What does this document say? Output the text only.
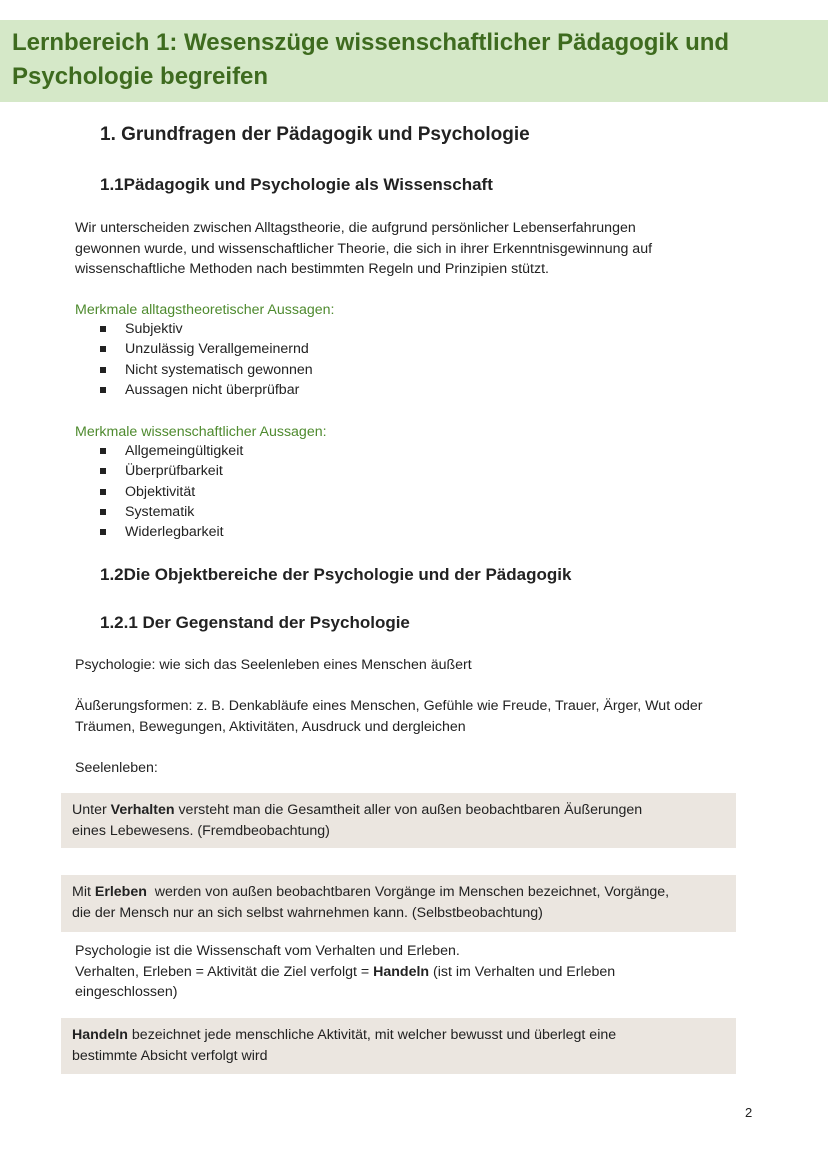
Lernbereich 1: Wesenszüge wissenschaftlicher Pädagogik und
Psychologie begreifen
1. Grundfragen der Pädagogik und Psychologie
1.1Pädagogik und Psychologie als Wissenschaft
Wir unterscheiden zwischen Alltagstheorie, die aufgrund persönlicher Lebenserfahrungen
gewonnen wurde, und wissenschaftlicher Theorie, die sich in ihrer Erkenntnisgewinnung auf
wissenschaftliche Methoden nach bestimmten Regeln und Prinzipien stützt.
Merkmale alltagstheoretischer Aussagen:
Subjektiv
Unzulässig Verallgemeinernd
Nicht systematisch gewonnen
Aussagen nicht überprüfbar
Merkmale wissenschaftlicher Aussagen:
Allgemeingültigkeit
Überprüfbarkeit
Objektivität
Systematik
Widerlegbarkeit
1.2Die Objektbereiche der Psychologie und der Pädagogik
1.2.1 Der Gegenstand der Psychologie
Psychologie: wie sich das Seelenleben eines Menschen äußert
Äußerungsformen: z. B. Denkabläufe eines Menschen, Gefühle wie Freude, Trauer, Ärger, Wut oder
Träumen, Bewegungen, Aktivitäten, Ausdruck und dergleichen
Seelenleben:
Unter Verhalten versteht man die Gesamtheit aller von außen beobachtbaren Äußerungen
eines Lebewesens. (Fremdbeobachtung)
Mit Erleben  werden von außen beobachtbaren Vorgänge im Menschen bezeichnet, Vorgänge,
die der Mensch nur an sich selbst wahrnehmen kann. (Selbstbeobachtung)
Psychologie ist die Wissenschaft vom Verhalten und Erleben.
Verhalten, Erleben = Aktivität die Ziel verfolgt = Handeln (ist im Verhalten und Erleben
eingeschlossen)
Handeln bezeichnet jede menschliche Aktivität, mit welcher bewusst und überlegt eine
bestimmte Absicht verfolgt wird
2
